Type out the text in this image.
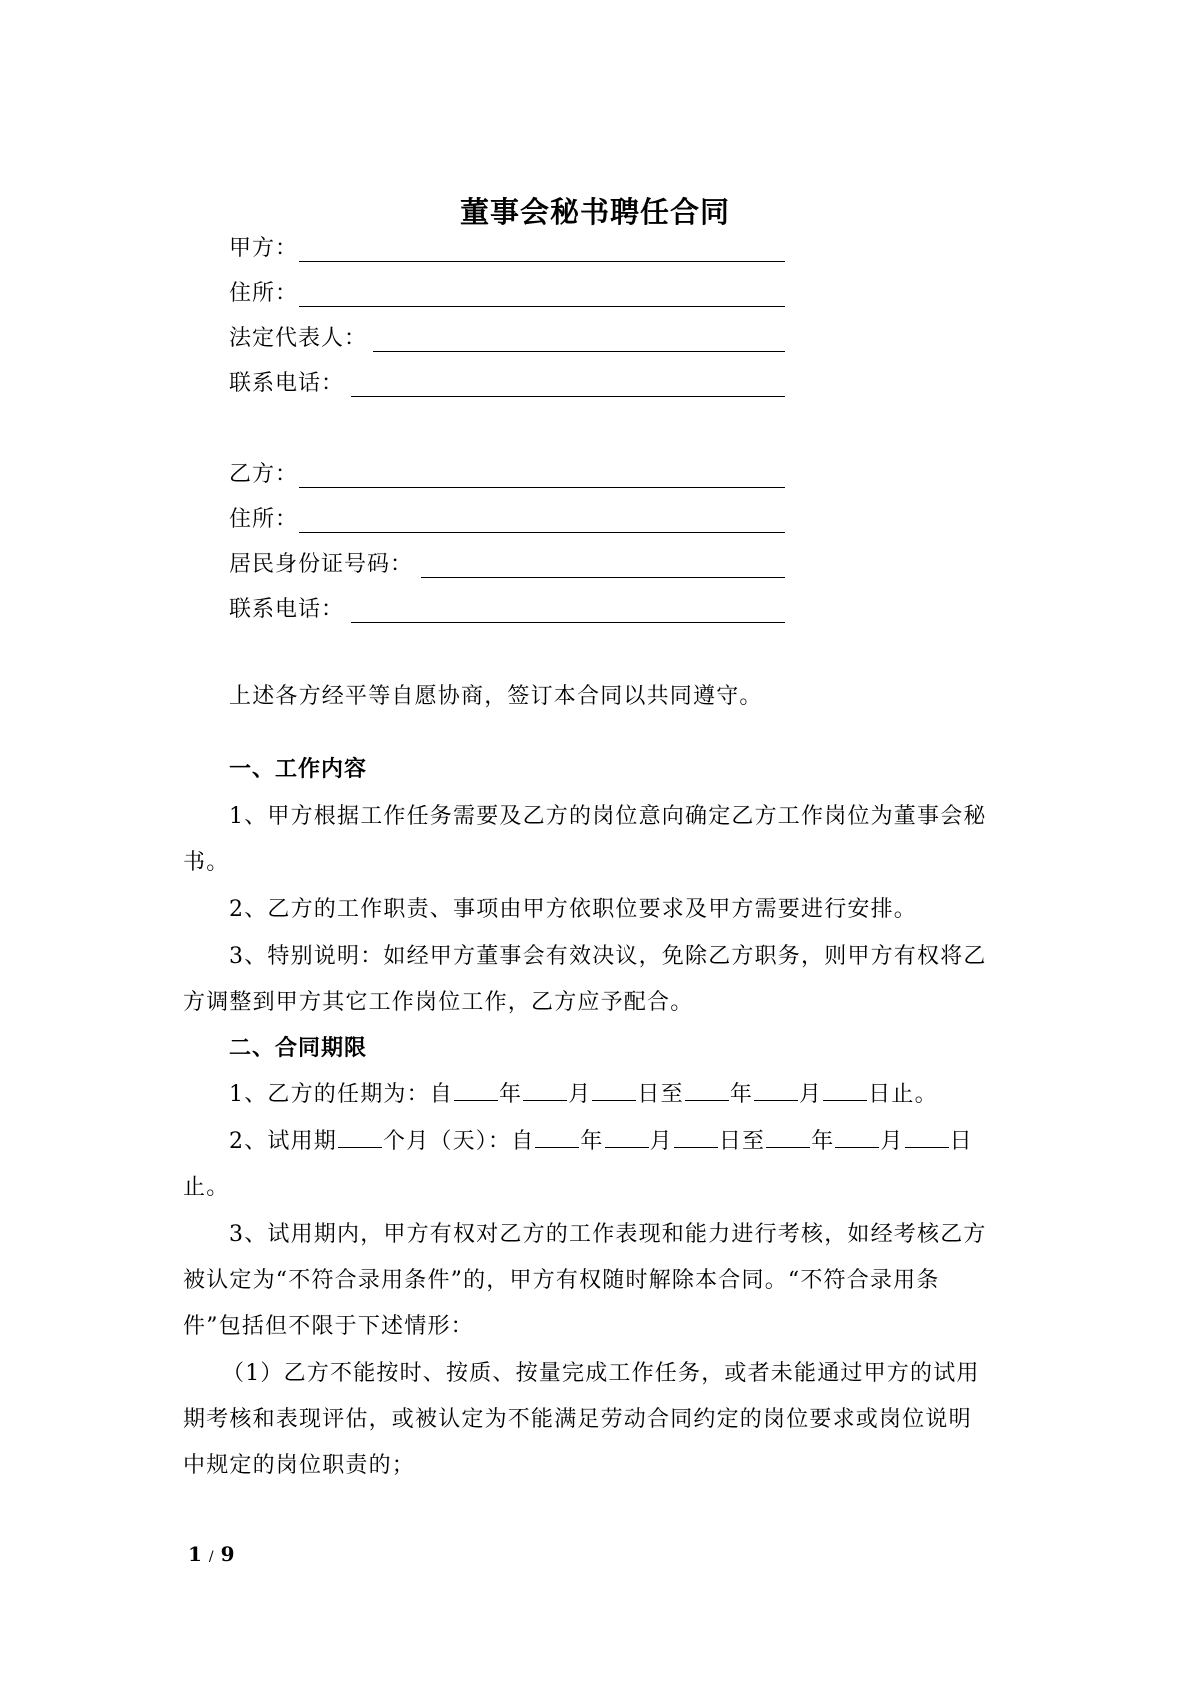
董事会秘书聘任合同
甲方：
住所：
法定代表人：
联系电话：
乙方：
住所：
居民身份证号码：
联系电话：
上述各方经平等自愿协商，签订本合同以共同遵守。
一、工作内容
1、甲方根据工作任务需要及乙方的岗位意向确定乙方工作岗位为董事会秘
书。
2、乙方的工作职责、事项由甲方依职位要求及甲方需要进行安排。
3、特别说明：如经甲方董事会有效决议，免除乙方职务，则甲方有权将乙
方调整到甲方其它工作岗位工作，乙方应予配合。
二、合同期限
1、乙方的任期为：自 年 月 日至 年 月 日止。
2、试用期 个月（天）：自 年 月 日至 年 月 日
止。
3、试用期内，甲方有权对乙方的工作表现和能力进行考核，如经考核乙方
被认定为“不符合录用条件”的，甲方有权随时解除本合同。“不符合录用条
件”包括但不限于下述情形：
（1）乙方不能按时、按质、按量完成工作任务，或者未能通过甲方的试用
期考核和表现评估，或被认定为不能满足劳动合同约定的岗位要求或岗位说明
中规定的岗位职责的；
1 / 9
